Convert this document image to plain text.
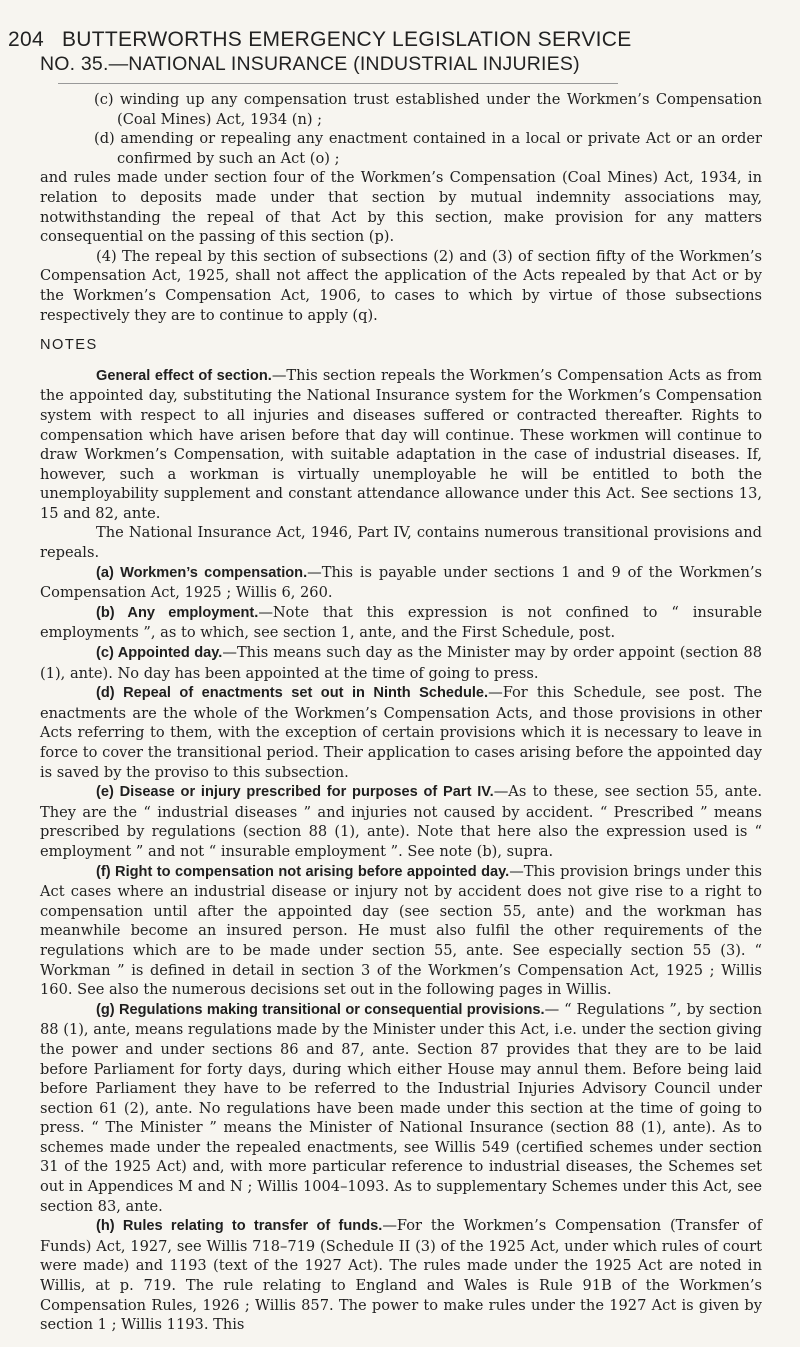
204 BUTTERWORTHS EMERGENCY LEGISLATION SERVICE
NO. 35.—NATIONAL INSURANCE (INDUSTRIAL INJURIES)

(c) winding up any compensation trust established under the Workmen’s Compensation (Coal Mines) Act, 1934 (n) ;

(d) amending or repealing any enactment contained in a local or private Act or an order confirmed by such an Act (o) ;

and rules made under section four of the Workmen’s Compensation (Coal Mines) Act, 1934, in relation to deposits made under that section by mutual indemnity associations may, notwithstanding the repeal of that Act by this section, make provision for any matters consequential on the passing of this section (p).

(4) The repeal by this section of subsections (2) and (3) of section fifty of the Workmen’s Compensation Act, 1925, shall not affect the application of the Acts repealed by that Act or by the Workmen’s Compensation Act, 1906, to cases to which by virtue of those subsections respectively they are to continue to apply (q).

NOTES

General effect of section.—This section repeals the Workmen’s Compensation Acts as from the appointed day, substituting the National Insurance system for the Workmen’s Compensation system with respect to all injuries and diseases suffered or contracted thereafter. Rights to compensation which have arisen before that day will continue. These workmen will continue to draw Workmen’s Compensation, with suitable adaptation in the case of industrial diseases. If, however, such a workman is virtually unemployable he will be entitled to both the unemployability supplement and constant attendance allowance under this Act. See sections 13, 15 and 82, ante.

The National Insurance Act, 1946, Part IV, contains numerous transitional provisions and repeals.

(a) Workmen’s compensation.—This is payable under sections 1 and 9 of the Workmen’s Compensation Act, 1925 ; Willis 6, 260.

(b) Any employment.—Note that this expression is not confined to “ insurable employments ”, as to which, see section 1, ante, and the First Schedule, post.

(c) Appointed day.—This means such day as the Minister may by order appoint (section 88 (1), ante). No day has been appointed at the time of going to press.

(d) Repeal of enactments set out in Ninth Schedule.—For this Schedule, see post. The enactments are the whole of the Workmen’s Compensation Acts, and those provisions in other Acts referring to them, with the exception of certain provisions which it is necessary to leave in force to cover the transitional period. Their application to cases arising before the appointed day is saved by the proviso to this subsection.

(e) Disease or injury prescribed for purposes of Part IV.—As to these, see section 55, ante. They are the “ industrial diseases ” and injuries not caused by accident. “ Prescribed ” means prescribed by regulations (section 88 (1), ante). Note that here also the expression used is “ employment ” and not “ insurable employment ”. See note (b), supra.

(f) Right to compensation not arising before appointed day.—This provision brings under this Act cases where an industrial disease or injury not by accident does not give rise to a right to compensation until after the appointed day (see section 55, ante) and the workman has meanwhile become an insured person. He must also fulfil the other requirements of the regulations which are to be made under section 55, ante. See especially section 55 (3). “ Workman ” is defined in detail in section 3 of the Workmen’s Compensation Act, 1925 ; Willis 160. See also the numerous decisions set out in the following pages in Willis.

(g) Regulations making transitional or consequential provisions.— “ Regulations ”, by section 88 (1), ante, means regulations made by the Minister under this Act, i.e. under the section giving the power and under sections 86 and 87, ante. Section 87 provides that they are to be laid before Parliament for forty days, during which either House may annul them. Before being laid before Parliament they have to be referred to the Industrial Injuries Advisory Council under section 61 (2), ante. No regulations have been made under this section at the time of going to press. “ The Minister ” means the Minister of National Insurance (section 88 (1), ante). As to schemes made under the repealed enactments, see Willis 549 (certified schemes under section 31 of the 1925 Act) and, with more particular reference to industrial diseases, the Schemes set out in Appendices M and N ; Willis 1004–1093. As to supplementary Schemes under this Act, see section 83, ante.

(h) Rules relating to transfer of funds.—For the Workmen’s Compensation (Transfer of Funds) Act, 1927, see Willis 718–719 (Schedule II (3) of the 1925 Act, under which rules of court were made) and 1193 (text of the 1927 Act). The rules made under the 1925 Act are noted in Willis, at p. 719. The rule relating to England and Wales is Rule 91B of the Workmen’s Compensation Rules, 1926 ; Willis 857. The power to make rules under the 1927 Act is given by section 1 ; Willis 1193. This
